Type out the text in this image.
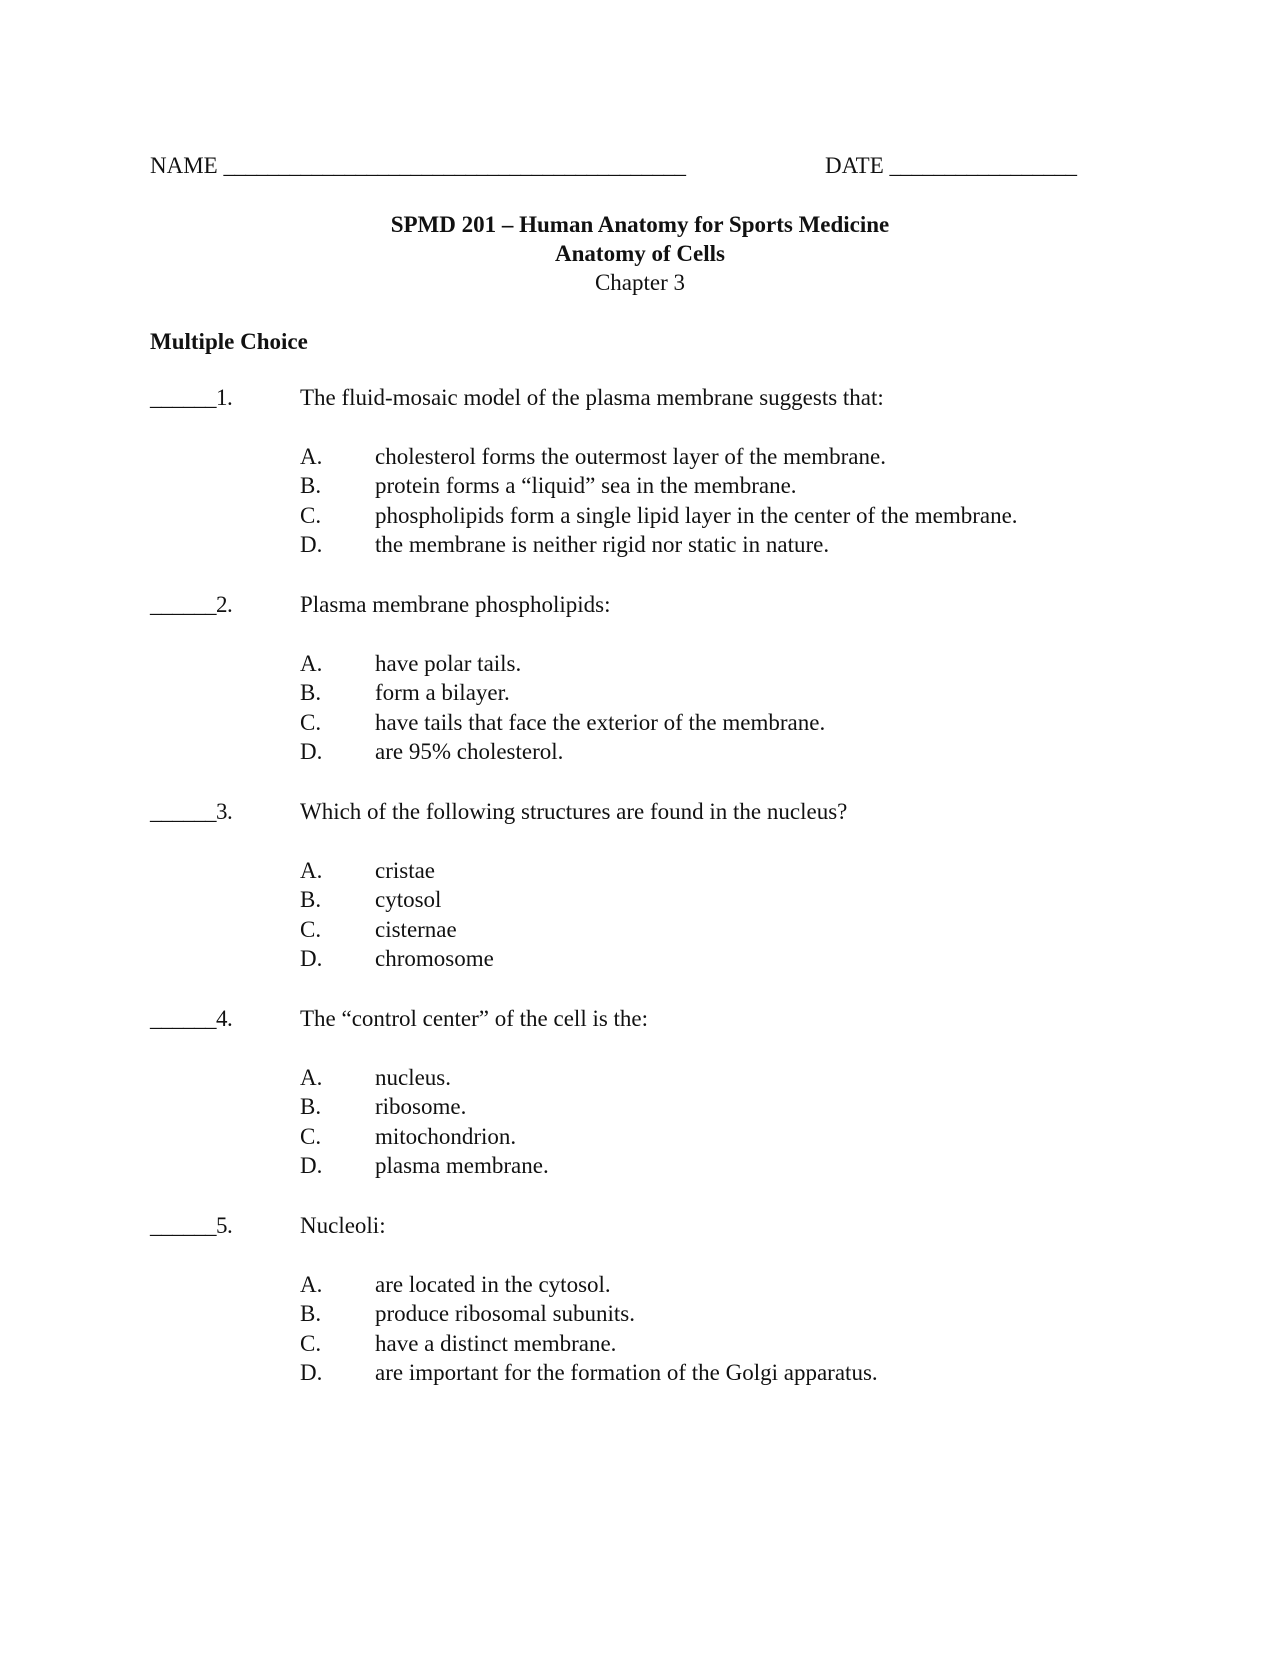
NAME __________________________________________	DATE _________________
SPMD 201 – Human Anatomy for Sports Medicine
Anatomy of Cells
Chapter 3
Multiple Choice
______1.	The fluid-mosaic model of the plasma membrane suggests that:
A. cholesterol forms the outermost layer of the membrane.
B. protein forms a “liquid” sea in the membrane.
C. phospholipids form a single lipid layer in the center of the membrane.
D. the membrane is neither rigid nor static in nature.
______2.	Plasma membrane phospholipids:
A. have polar tails.
B. form a bilayer.
C. have tails that face the exterior of the membrane.
D. are 95% cholesterol.
______3.	Which of the following structures are found in the nucleus?
A. cristae
B. cytosol
C. cisternae
D. chromosome
______4.	The “control center” of the cell is the:
A. nucleus.
B. ribosome.
C. mitochondrion.
D. plasma membrane.
______5.	Nucleoli:
A. are located in the cytosol.
B. produce ribosomal subunits.
C. have a distinct membrane.
D. are important for the formation of the Golgi apparatus.
